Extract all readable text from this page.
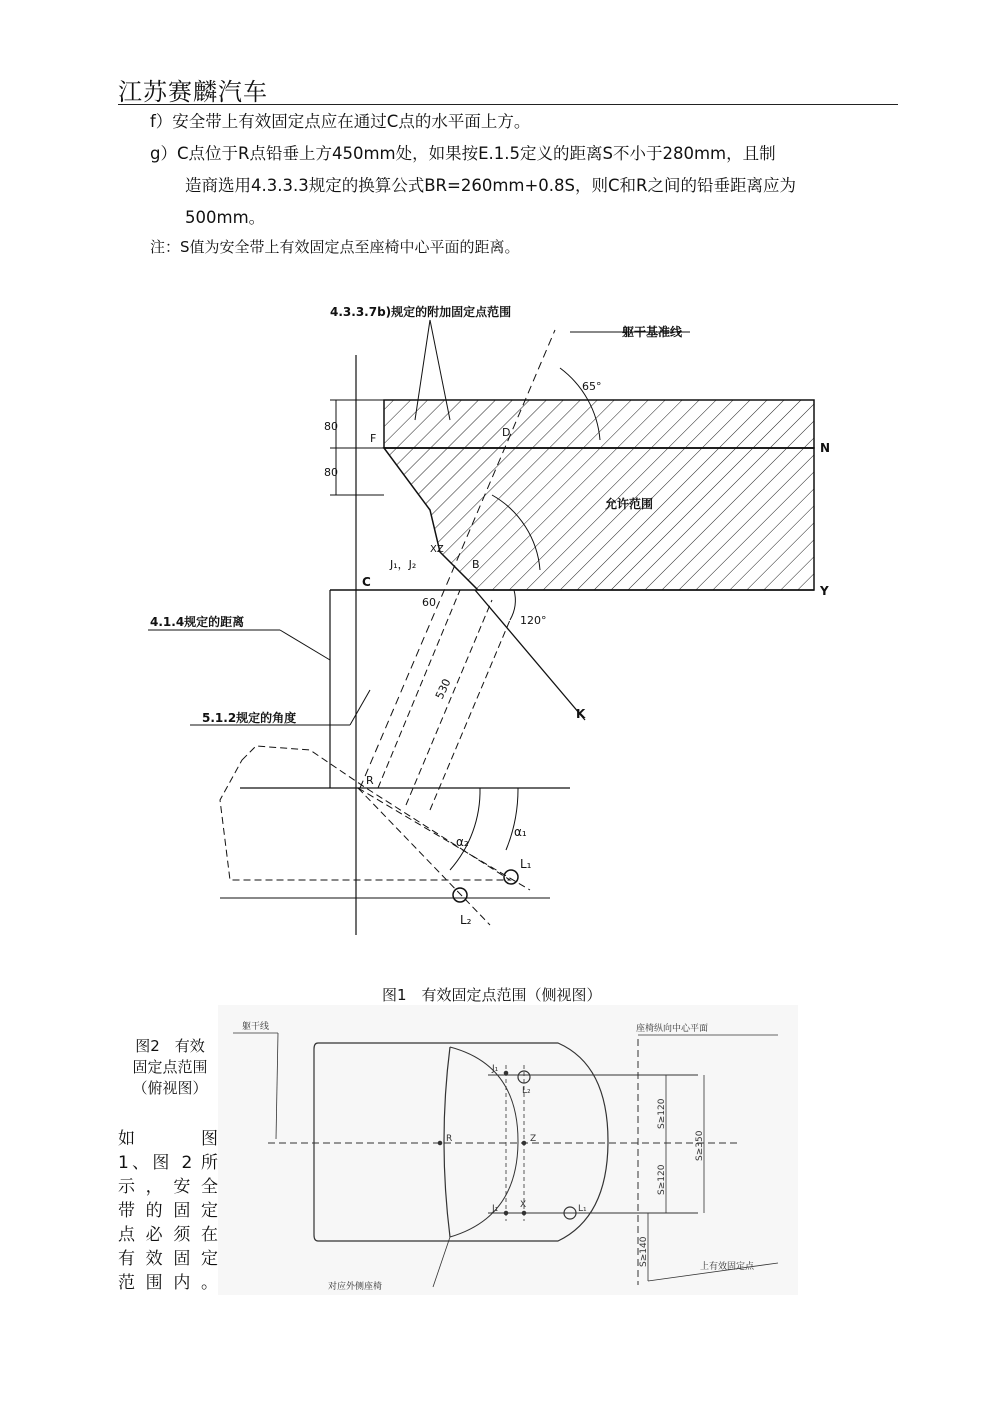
江苏赛麟汽车
f）安全带上有效固定点应在通过C点的水平面上方。
g）C点位于R点铅垂上方450mm处，如果按E.1.5定义的距离S不小于280mm，且制
造商选用4.3.3.3规定的换算公式BR=260mm+0.8S，则C和R之间的铅垂距离应为
500mm。
注：S值为安全带上有效固定点至座椅中心平面的距离。
4.3.3.7b)规定的附加固定点范围
躯干基准线
65°
80
80
F	D
N
Y
C
B
J₁，J₂
XZ
允许范围
60
120°
530
K
4.1.4规定的距离
5.1.2规定的角度
R
α₁
α₂
L₁
L₂
图1　有效固定点范围（侧视图）
图2　有效固定点范围（俯视图）
躯干线	座椅纵向中心平面
上有效固定点
对应外侧座椅
J₁
J₁
L₂
L₁
R	Z
X
S≥120
S≥120
S≥350
S≥140
如　图
1、图 2 所
示，安全
带的固定
点必须在
有效固定
范围内。
